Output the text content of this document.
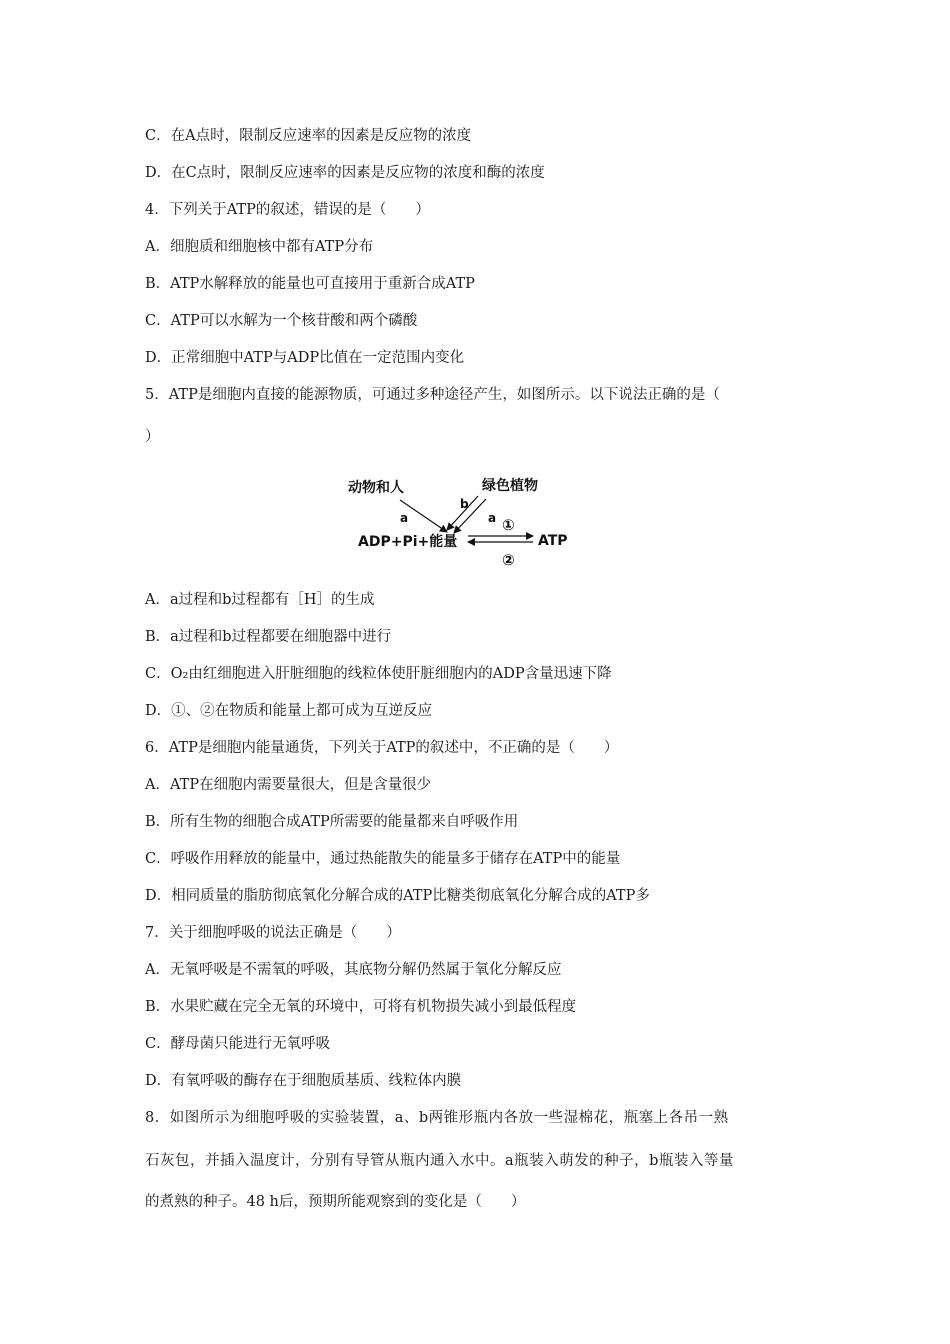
C．在A点时，限制反应速率的因素是反应物的浓度
D．在C点时，限制反应速率的因素是反应物的浓度和酶的浓度
4．下列关于ATP的叙述，错误的是（　　）
A．细胞质和细胞核中都有ATP分布
B．ATP水解释放的能量也可直接用于重新合成ATP
C．ATP可以水解为一个核苷酸和两个磷酸
D．正常细胞中ATP与ADP比值在一定范围内变化
5．ATP是细胞内直接的能源物质，可通过多种途径产生，如图所示。以下说法正确的是（
）
动物和人	绿色植物
a
b
a ①
ADP+Pi+能量	ATP
②
A．a过程和b过程都有［H］的生成
B．a过程和b过程都要在细胞器中进行
C．O₂由红细胞进入肝脏细胞的线粒体使肝脏细胞内的ADP含量迅速下降
D．①、②在物质和能量上都可成为互逆反应
6．ATP是细胞内能量通货，下列关于ATP的叙述中，不正确的是（　　）
A．ATP在细胞内需要量很大，但是含量很少
B．所有生物的细胞合成ATP所需要的能量都来自呼吸作用
C．呼吸作用释放的能量中，通过热能散失的能量多于储存在ATP中的能量
D．相同质量的脂肪彻底氧化分解合成的ATP比糖类彻底氧化分解合成的ATP多
7．关于细胞呼吸的说法正确是（　　）
A．无氧呼吸是不需氧的呼吸，其底物分解仍然属于氧化分解反应
B．水果贮藏在完全无氧的环境中，可将有机物损失减小到最低程度
C．酵母菌只能进行无氧呼吸
D．有氧呼吸的酶存在于细胞质基质、线粒体内膜
8．如图所示为细胞呼吸的实验装置，a、b两锥形瓶内各放一些湿棉花，瓶塞上各吊一熟
石灰包，并插入温度计，分别有导管从瓶内通入水中。a瓶装入萌发的种子，b瓶装入等量
的煮熟的种子。48 h后，预期所能观察到的变化是（　　）
